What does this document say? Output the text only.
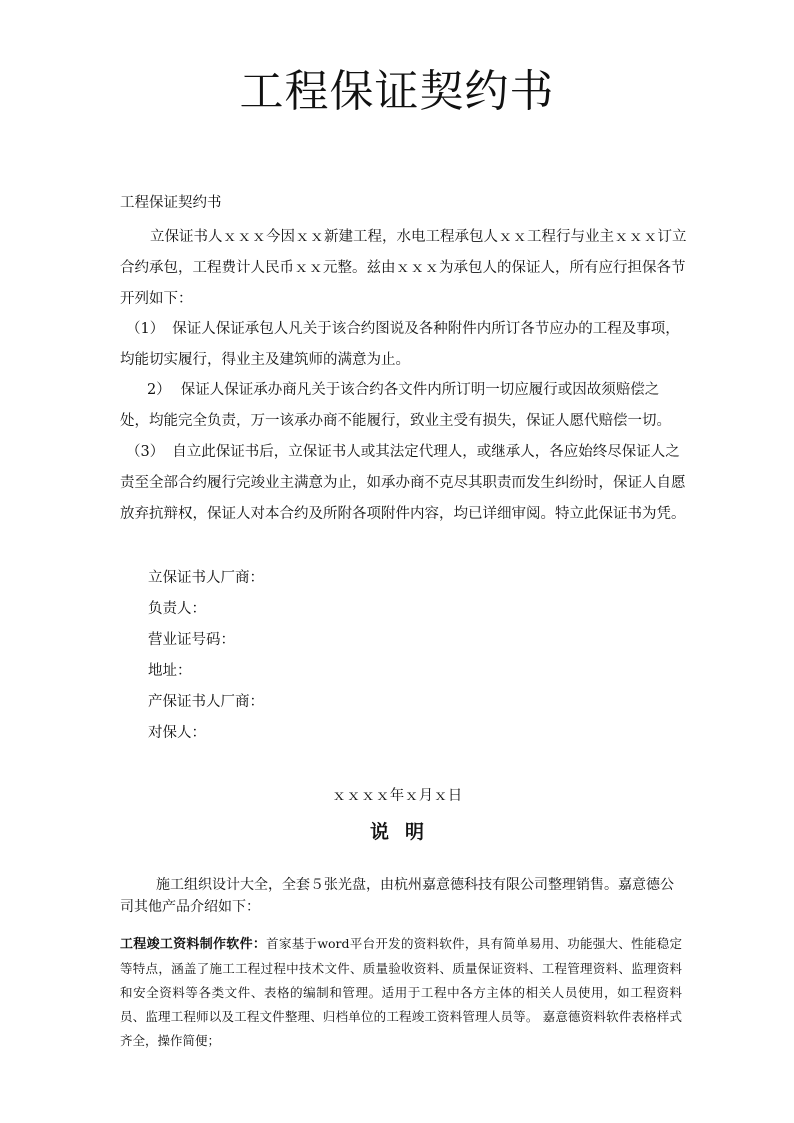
工程保证契约书
工程保证契约书
立保证书人ｘｘｘ今因ｘｘ新建工程，水电工程承包人ｘｘ工程行与业主ｘｘｘ订立合约承包，工程费计人民币ｘｘ元整。兹由ｘｘｘ为承包人的保证人，所有应行担保各节开列如下：
（1） 保证人保证承包人凡关于该合约图说及各种附件内所订各节应办的工程及事项，均能切实履行，得业主及建筑师的满意为止。
2） 保证人保证承办商凡关于该合约各文件内所订明一切应履行或因故须赔偿之处，均能完全负责，万一该承办商不能履行，致业主受有损失，保证人愿代赔偿一切。
（3） 自立此保证书后，立保证书人或其法定代理人，或继承人，各应始终尽保证人之责至全部合约履行完竣业主满意为止，如承办商不克尽其职责而发生纠纷时，保证人自愿放弃抗辩权，保证人对本合约及所附各项附件内容，均已详细审阅。特立此保证书为凭。
立保证书人厂商：
负责人：
营业证号码：
地址：
产保证书人厂商：
对保人：
ｘｘｘｘ年ｘ月ｘ日
说明
施工组织设计大全，全套５张光盘，由杭州嘉意德科技有限公司整理销售。嘉意德公司其他产品介绍如下：
工程竣工资料制作软件：首家基于word平台开发的资料软件，具有简单易用、功能强大、性能稳定等特点，涵盖了施工工程过程中技术文件、质量验收资料、质量保证资料、工程管理资料、监理资料和安全资料等各类文件、表格的编制和管理。适用于工程中各方主体的相关人员使用，如工程资料员、监理工程师以及工程文件整理、归档单位的工程竣工资料管理人员等。 嘉意德资料软件表格样式齐全，操作简便；
